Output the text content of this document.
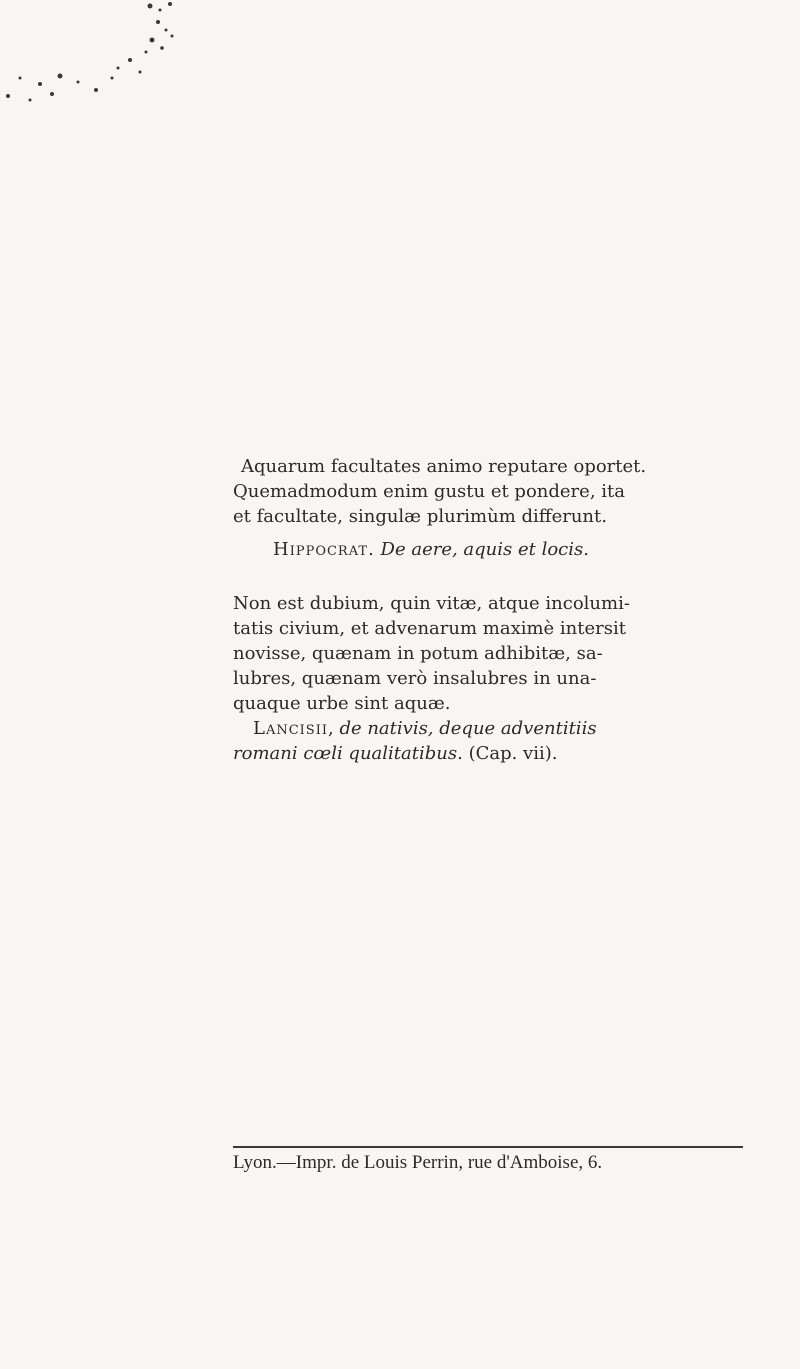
Aquarum facultates animo reputare oportet.
Quemadmodum enim gustu et pondere, ita
et facultate, singulæ plurimùm differunt.
Hippocrat. De aere, aquis et locis.
Non est dubium, quin vitæ, atque incolumi-
tatis civium, et advenarum maximè intersit
novisse, quænam in potum adhibitæ, sa-
lubres, quænam verò insalubres in una-
quaque urbe sint aquæ.
Lancisii, de nativis, deque adventitiis
romani cœli qualitatibus. (Cap. vii).
Lyon.—Impr. de Louis Perrin, rue d'Amboise, 6.
